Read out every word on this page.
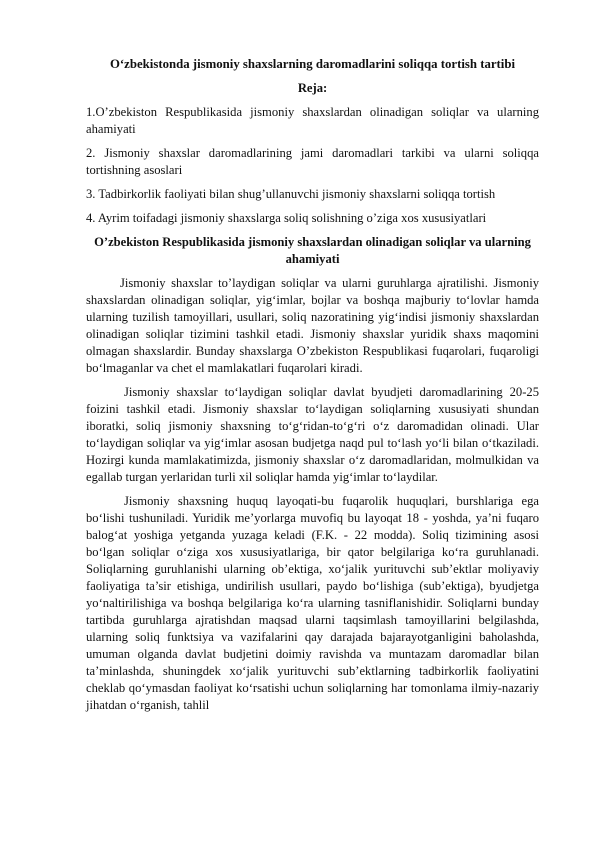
O‘zbekistonda jismoniy shaxslarning daromadlarini soliqqa tortish tartibi

Reja:

1.O’zbekiston Respublikasida jismoniy shaxslardan olinadigan soliqlar va ularning ahamiyati

2. Jismoniy shaxslar daromadlarining jami daromadlari tarkibi va ularni soliqqa tortishning asoslari

3. Tadbirkorlik faoliyati bilan shug’ullanuvchi jismoniy shaxslarni soliqqa tortish

4. Ayrim toifadagi jismoniy shaxslarga soliq solishning o’ziga xos xususiyatlari

O’zbekiston Respublikasida jismoniy shaxslardan olinadigan soliqlar va ularning ahamiyati

Jismoniy shaxslar to’laydigan soliqlar va ularni guruhlarga ajratilishi. Jismoniy shaxslardan olinadigan soliqlar, yig‘imlar, bojlar va boshqa majburiy to‘lovlar hamda ularning tuzilish tamoyillari, usullari, soliq nazoratining yig‘indisi jismoniy shaxslardan olinadigan soliqlar tizimini tashkil etadi. Jismoniy shaxslar yuridik shaxs maqomini olmagan shaxslardir. Bunday shaxslarga O’zbekiston Respublikasi fuqarolari, fuqaroligi bo‘lmaganlar va chet el mamlakatlari fuqarolari kiradi.

Jismoniy shaxslar to‘laydigan soliqlar davlat byudjeti daromadlarining 20-25 foizini tashkil etadi. Jismoniy shaxslar to‘laydigan soliqlarning xususiyati shundan iboratki, soliq jismoniy shaxsning to‘g‘ridan-to‘g‘ri o‘z daromadidan olinadi. Ular to‘laydigan soliqlar va yig‘imlar asosan budjetga naqd pul to‘lash yo‘li bilan o‘tkaziladi. Hozirgi kunda mamlakatimizda, jismoniy shaxslar o‘z daromadlaridan, molmulkidan va egallab turgan yerlaridan turli xil soliqlar hamda yig‘imlar to‘laydilar.

Jismoniy shaxsning huquq layoqati-bu fuqarolik huquqlari, burshlariga ega bo‘lishi tushuniladi. Yuridik me’yorlarga muvofiq bu layoqat 18 - yoshda, ya’ni fuqaro balog‘at yoshiga yetganda yuzaga keladi (F.K. - 22 modda). Soliq tizimining asosi bo‘lgan soliqlar o‘ziga xos xususiyatlariga, bir qator belgilariga ko‘ra guruhlanadi. Soliqlarning guruhlanishi ularning ob’ektiga, xo‘jalik yurituvchi sub’ektlar moliyaviy faoliyatiga ta’sir etishiga, undirilish usullari, paydo bo‘lishiga (sub’ektiga), byudjetga yo‘naltirilishiga va boshqa belgilariga ko‘ra ularning tasniflanishidir. Soliqlarni bunday tartibda guruhlarga ajratishdan maqsad ularni taqsimlash tamoyillarini belgilashda, ularning soliq funktsiya va vazifalarini qay darajada bajarayotganligini baholashda, umuman olganda davlat budjetini doimiy ravishda va muntazam daromadlar bilan ta’minlashda, shuningdek xo‘jalik yurituvchi sub’ektlarning tadbirkorlik faoliyatini cheklab qo‘ymasdan faoliyat ko‘rsatishi uchun soliqlarning har tomonlama ilmiy-nazariy jihatdan o‘rganish, tahlil
